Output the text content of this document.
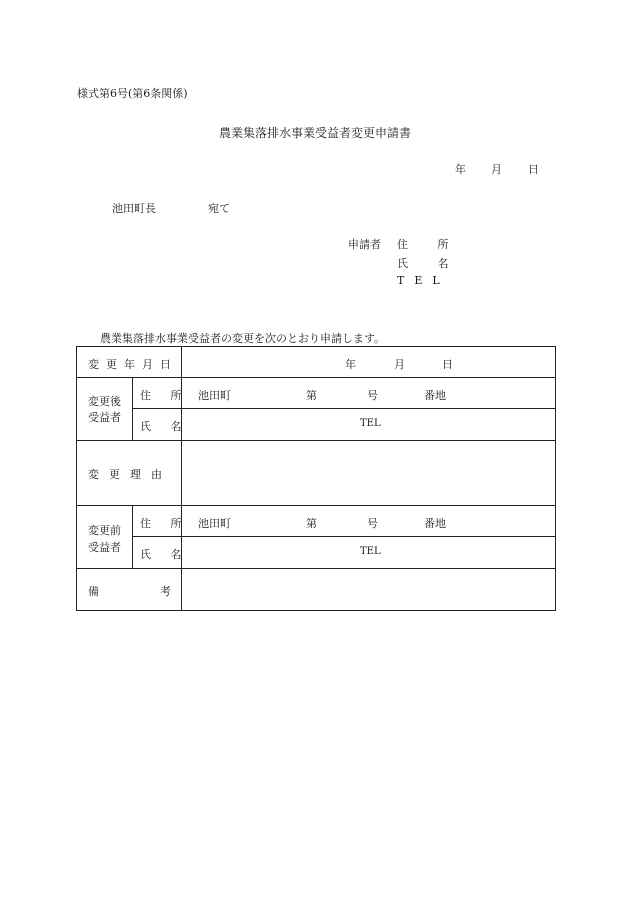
様式第6号(第6条関係)
農業集落排水事業受益者変更申請書
年 月 日
池田町長	宛て
申請者 住 所
氏 名
TEL
農業集落排水事業受益者の変更を次のとおり申請します。
変更年月日	年	月	日
変更後
受益者
住 所 池田町	第	号	番地
氏 名	TEL
変更理由
変更前
受益者
住 所 池田町	第	号	番地
氏 名	TEL
備	考
